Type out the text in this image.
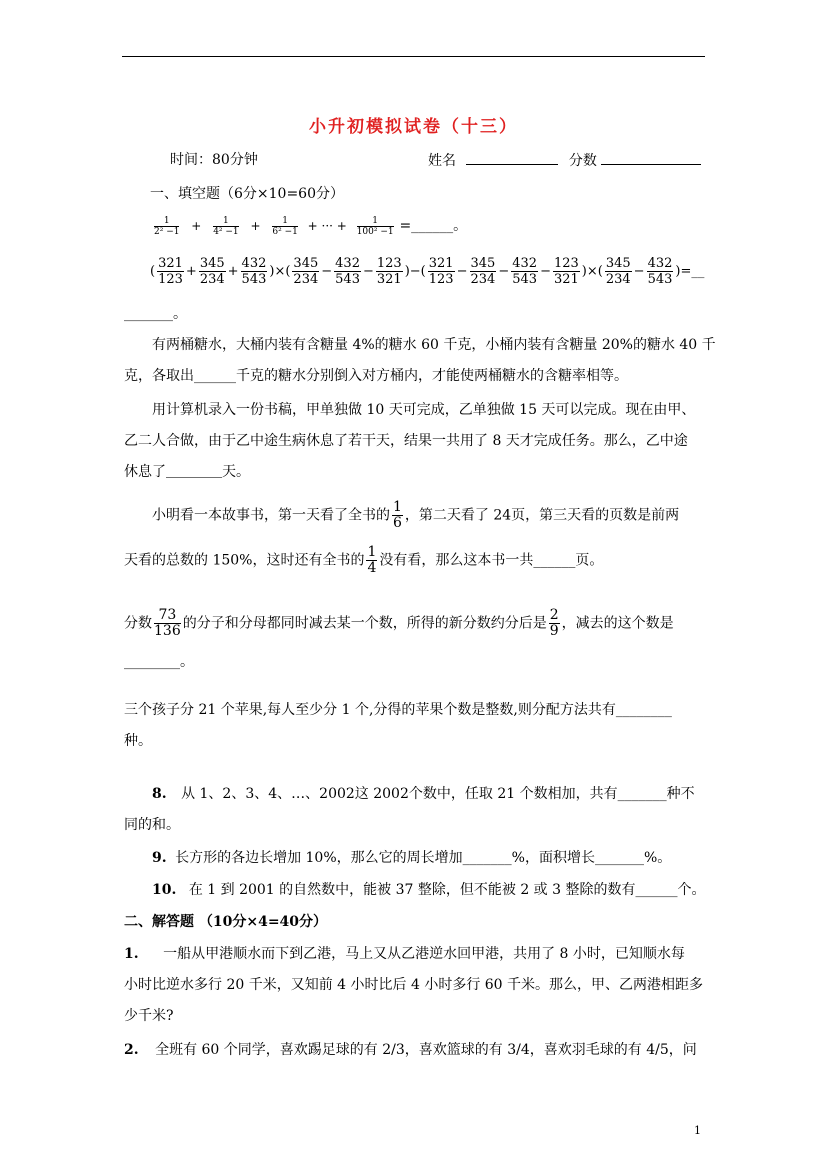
小升初模拟试卷（十三）
时间：80分钟	姓名	分数
一、填空题（6分×10=60分）
$\frac{1}{\text{2² −1}} + \frac{1}{\text{4² −1}} + \frac{1}{\text{6² −1}}$ + ··· + $\frac{1}{\text{100² −1}}$ =______。
( $\frac{321}{123} + \frac{345}{234} + \frac{432}{543}$ )×( $\frac{345}{234} - \frac{432}{543} - \frac{123}{321}$ )−( $\frac{321}{123} - \frac{345}{234} - \frac{432}{543} - \frac{123}{321}$ )×( $\frac{345}{234} - \frac{432}{543}$ )=__
_______。
有两桶糖水，大桶内装有含糖量 4%的糖水 60 千克，小桶内装有含糖量 20%的糖水 40 千
克，各取出______千克的糖水分别倒入对方桶内，才能使两桶糖水的含糖率相等。
用计算机录入一份书稿，甲单独做 10 天可完成，乙单独做 15 天可以完成。现在由甲、
乙二人合做，由于乙中途生病休息了若干天，结果一共用了 8 天才完成任务。那么，乙中途
休息了＿＿＿＿天。
小明看一本故事书，第一天看了全书的 $\frac{1}{6}$ ，第二天看了 24页，第三天看的页数是前两
天看的总数的 150%，这时还有全书的 $\frac{1}{4}$ 没有看，那么这本书一共______页。
分数 $\frac{73}{136}$ 的分子和分母都同时减去某一个数，所得的新分数约分后是 $\frac{2}{9}$ ，减去的这个数是
________。
三个孩子分 21 个苹果,每人至少分 1 个,分得的苹果个数是整数,则分配方法共有________
种。
8. 从 1、2、3、4、…、2002这 2002个数中，任取 21 个数相加，共有_______种不
同的和。
9. 长方形的各边长增加 10%，那么它的周长增加_______%，面积增长_______%。
10. 在 1 到 2001 的自然数中，能被 37 整除，但不能被 2 或 3 整除的数有______个。
二、解答题 （10分×4=40分）
1. 一船从甲港顺水而下到乙港，马上又从乙港逆水回甲港，共用了 8 小时，已知顺水每
小时比逆水多行 20 千米，又知前 4 小时比后 4 小时多行 60 千米。那么，甲、乙两港相距多
少千米?
2. 全班有 60 个同学，喜欢踢足球的有 2/3，喜欢篮球的有 3/4，喜欢羽毛球的有 4/5，问
1
